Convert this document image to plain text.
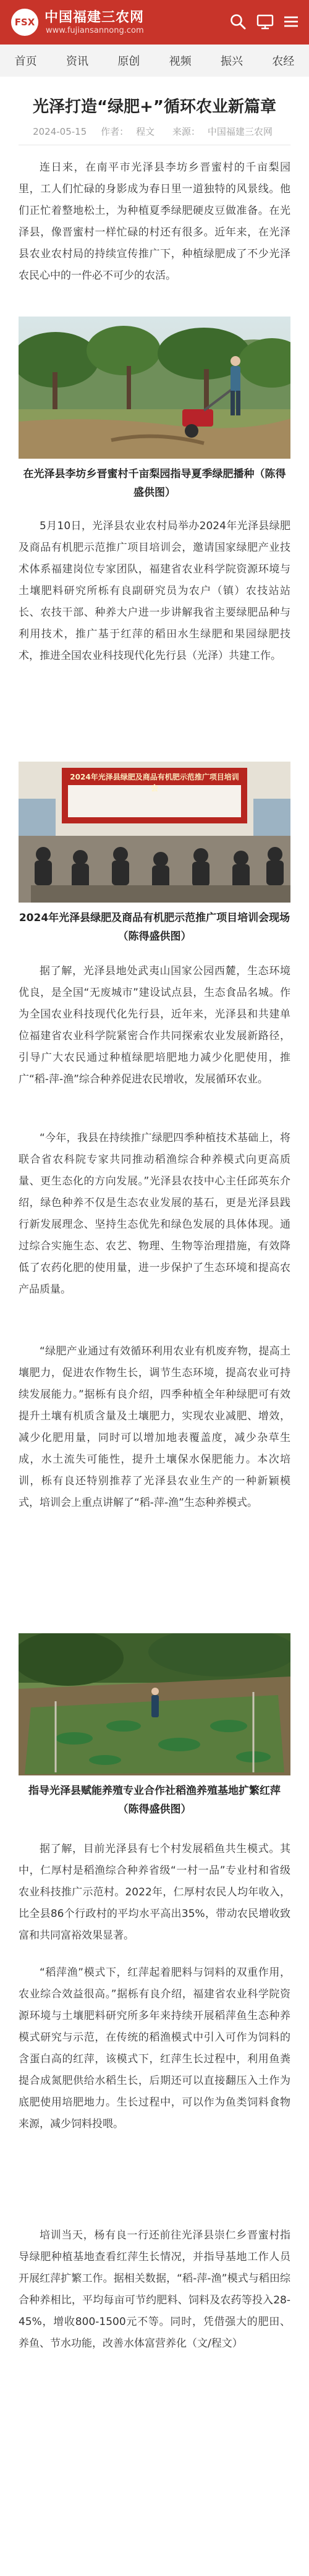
FSX 中国福建三农网
www.fujiansannong.com
首页	资讯	原创	视频	振兴	农经
光泽打造“绿肥+”循环农业新篇章
2024-05-15 作者： 程文 来源： 中国福建三农网

连日来，在南平市光泽县李坊乡晋蜜村的千亩梨园里，工人们忙碌的身影成为春日里一道独特的风景线。他们正忙着整地松土，为种植夏季绿肥硬皮豆做准备。在光泽县，像晋蜜村一样忙碌的村还有很多。近年来，在光泽县农业农村局的持续宣传推广下，种植绿肥成了不少光泽农民心中的一件必不可少的农活。

在光泽县李坊乡晋蜜村千亩梨园指导夏季绿肥播种（陈得盛供图）

5月10日，光泽县农业农村局举办2024年光泽县绿肥及商品有机肥示范推广项目培训会，邀请国家绿肥产业技术体系福建岗位专家团队，福建省农业科学院资源环境与土壤肥料研究所栎有良副研究员为农户（镇）农技站站长、农技干部、种养大户进一步讲解我省主要绿肥品种与利用技术，推广基于红萍的稻田水生绿肥和果园绿肥技术，推进全国农业科技现代化先行县（光泽）共建工作。

2024年光泽县绿肥及商品有机肥示范推广项目培训会
2024年光泽县绿肥及商品有机肥示范推广项目培训会现场（陈得盛供图）

据了解，光泽县地处武夷山国家公园西麓，生态环境优良，是全国“无废城市”建设试点县，生态食品名城。作为全国农业科技现代化先行县，近年来，光泽县和共建单位福建省农业科学院紧密合作共同探索农业发展新路径，引导广大农民通过种植绿肥培肥地力减少化肥使用，推广“稻-萍-渔”综合种养促进农民增收，发展循环农业。

“今年，我县在持续推广绿肥四季种植技术基础上，将联合省农科院专家共同推动稻渔综合种养模式向更高质量、更生态化的方向发展。”光泽县农技中心主任邱英东介绍，绿色种养不仅是生态农业发展的基石，更是光泽县践行新发展理念、坚持生态优先和绿色发展的具体体现。通过综合实施生态、农艺、物理、生物等治理措施，有效降低了农药化肥的使用量，进一步保护了生态环境和提高农产品质量。

“绿肥产业通过有效循环利用农业有机废弃物，提高土壤肥力，促进农作物生长，调节生态环境，提高农业可持续发展能力。”据栎有良介绍，四季种植全年种绿肥可有效提升土壤有机质含量及土壤肥力，实现农业减肥、增效，减少化肥用量，同时可以增加地表覆盖度，减少杂草生成，水土流失可能性，提升土壤保水保肥能力。本次培训，栎有良还特别推荐了光泽县农业生产的一种新颖模式，培训会上重点讲解了“稻-萍-渔”生态种养模式。

指导光泽县赋能养殖专业合作社稻渔养殖基地扩繁红萍（陈得盛供图）

据了解，目前光泽县有七个村发展稻鱼共生模式。其中，仁厚村是稻渔综合种养省级“一村一品”专业村和省级农业科技推广示范村。2022年，仁厚村农民人均年收入，比全县86个行政村的平均水平高出35%，带动农民增收致富和共同富裕效果显著。

“稻萍渔”模式下，红萍起着肥料与饲料的双重作用，农业综合效益很高。”据栎有良介绍，福建省农业科学院资源环境与土壤肥料研究所多年来持续开展稻萍鱼生态种养模式研究与示范，在传统的稻渔模式中引入可作为饲料的含蛋白高的红萍，该模式下，红萍生长过程中，利用鱼粪提合成氮肥供给水稻生长，后期还可以直接翻压入土作为底肥使用培肥地力。生长过程中，可以作为鱼类饲料食物来源，减少饲料投喂。

培训当天，杨有良一行还前往光泽县崇仁乡晋蜜村指导绿肥种植基地查看红萍生长情况，并指导基地工作人员开展红萍扩繁工作。据相关数据，“稻-萍-渔”模式与稻田综合种养相比，平均每亩可节约肥料、饲料及农药等投入28-45%，增收800-1500元不等。同时，凭借强大的肥田、养鱼、节水功能，改善水体富营养化（文/程文）
